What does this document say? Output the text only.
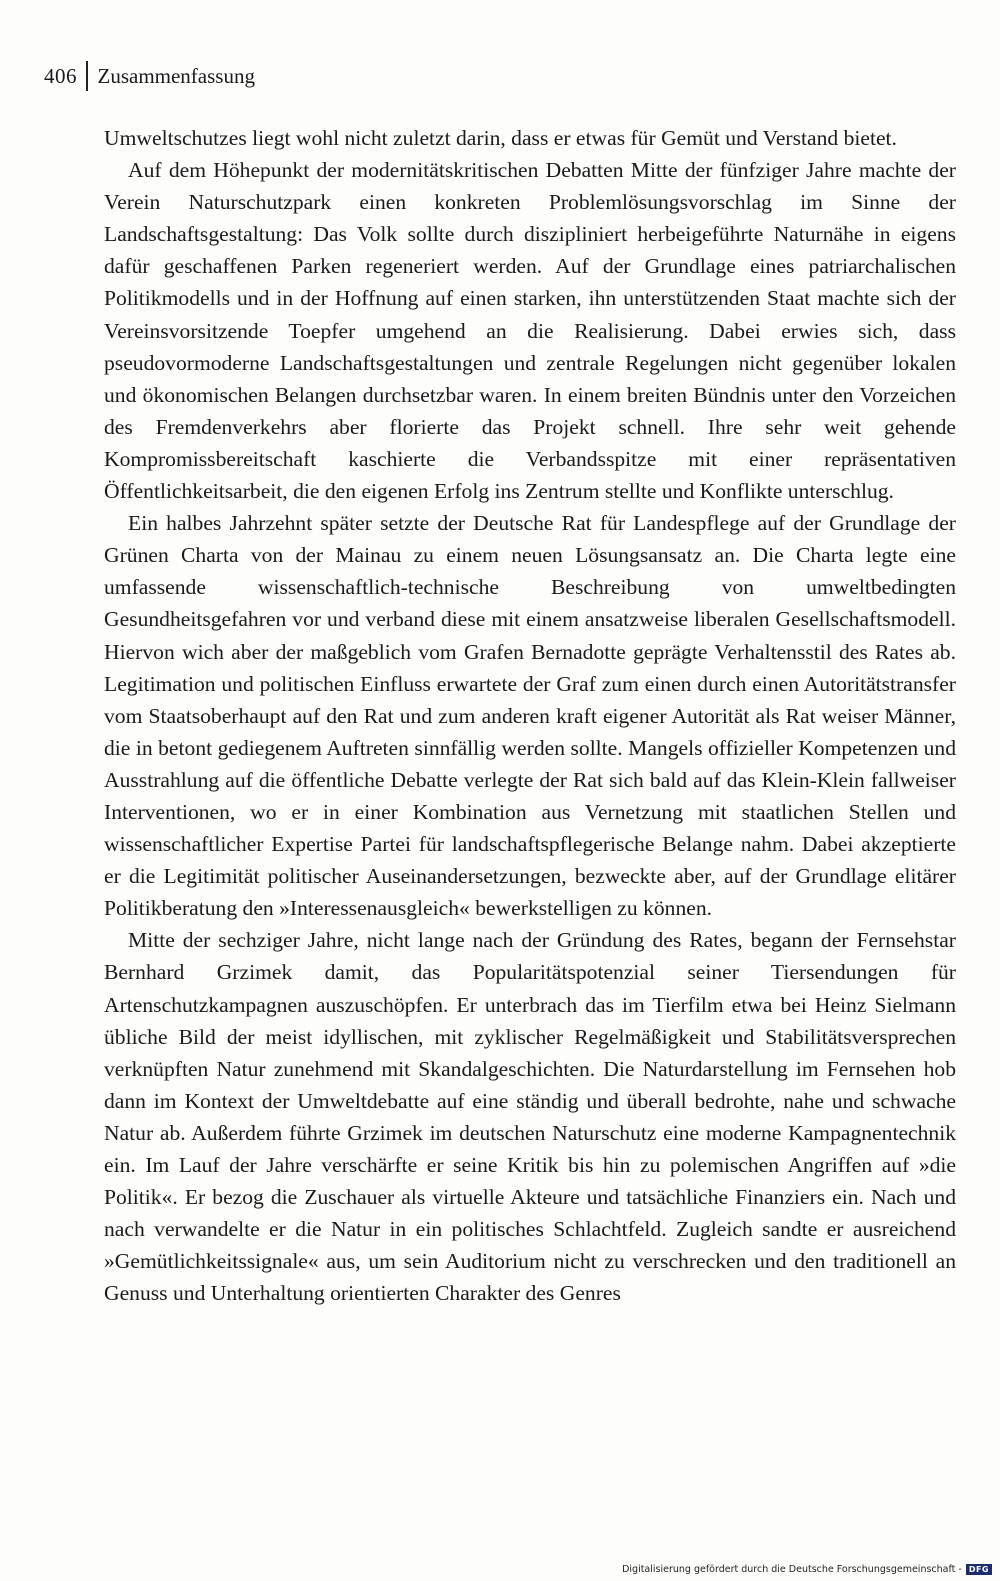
406 Zusammenfassung

Umweltschutzes liegt wohl nicht zuletzt darin, dass er etwas für Gemüt und Verstand bietet.

Auf dem Höhepunkt der modernitätskritischen Debatten Mitte der fünfziger Jahre machte der Verein Naturschutzpark einen konkreten Problemlösungsvorschlag im Sinne der Landschaftsgestaltung: Das Volk sollte durch diszipliniert herbeigeführte Naturnähe in eigens dafür geschaffenen Parken regeneriert werden. Auf der Grundlage eines patriarchalischen Politikmodells und in der Hoffnung auf einen starken, ihn unterstützenden Staat machte sich der Vereinsvorsitzende Toepfer umgehend an die Realisierung. Dabei erwies sich, dass pseudovormoderne Landschaftsgestaltungen und zentrale Regelungen nicht gegenüber lokalen und ökonomischen Belangen durchsetzbar waren. In einem breiten Bündnis unter den Vorzeichen des Fremdenverkehrs aber florierte das Projekt schnell. Ihre sehr weit gehende Kompromissbereitschaft kaschierte die Verbandsspitze mit einer repräsentativen Öffentlichkeitsarbeit, die den eigenen Erfolg ins Zentrum stellte und Konflikte unterschlug.

Ein halbes Jahrzehnt später setzte der Deutsche Rat für Landespflege auf der Grundlage der Grünen Charta von der Mainau zu einem neuen Lösungsansatz an. Die Charta legte eine umfassende wissenschaftlich-technische Beschreibung von umweltbedingten Gesundheitsgefahren vor und verband diese mit einem ansatzweise liberalen Gesellschaftsmodell. Hiervon wich aber der maßgeblich vom Grafen Bernadotte geprägte Verhaltensstil des Rates ab. Legitimation und politischen Einfluss erwartete der Graf zum einen durch einen Autoritätstransfer vom Staatsoberhaupt auf den Rat und zum anderen kraft eigener Autorität als Rat weiser Männer, die in betont gediegenem Auftreten sinnfällig werden sollte. Mangels offizieller Kompetenzen und Ausstrahlung auf die öffentliche Debatte verlegte der Rat sich bald auf das Klein-Klein fallweiser Interventionen, wo er in einer Kombination aus Vernetzung mit staatlichen Stellen und wissenschaftlicher Expertise Partei für landschaftspflegerische Belange nahm. Dabei akzeptierte er die Legitimität politischer Auseinandersetzungen, bezweckte aber, auf der Grundlage elitärer Politikberatung den »Interessenausgleich« bewerkstelligen zu können.

Mitte der sechziger Jahre, nicht lange nach der Gründung des Rates, begann der Fernsehstar Bernhard Grzimek damit, das Popularitätspotenzial seiner Tiersendungen für Artenschutzkampagnen auszuschöpfen. Er unterbrach das im Tierfilm etwa bei Heinz Sielmann übliche Bild der meist idyllischen, mit zyklischer Regelmäßigkeit und Stabilitätsversprechen verknüpften Natur zunehmend mit Skandalgeschichten. Die Naturdarstellung im Fernsehen hob dann im Kontext der Umweltdebatte auf eine ständig und überall bedrohte, nahe und schwache Natur ab. Außerdem führte Grzimek im deutschen Naturschutz eine moderne Kampagnentechnik ein. Im Lauf der Jahre verschärfte er seine Kritik bis hin zu polemischen Angriffen auf »die Politik«. Er bezog die Zuschauer als virtuelle Akteure und tatsächliche Finanziers ein. Nach und nach verwandelte er die Natur in ein politisches Schlachtfeld. Zugleich sandte er ausreichend »Gemütlichkeitssignale« aus, um sein Auditorium nicht zu verschrecken und den traditionell an Genuss und Unterhaltung orientierten Charakter des Genres

Digitalisierung gefördert durch die Deutsche Forschungsgemeinschaft - DFG
